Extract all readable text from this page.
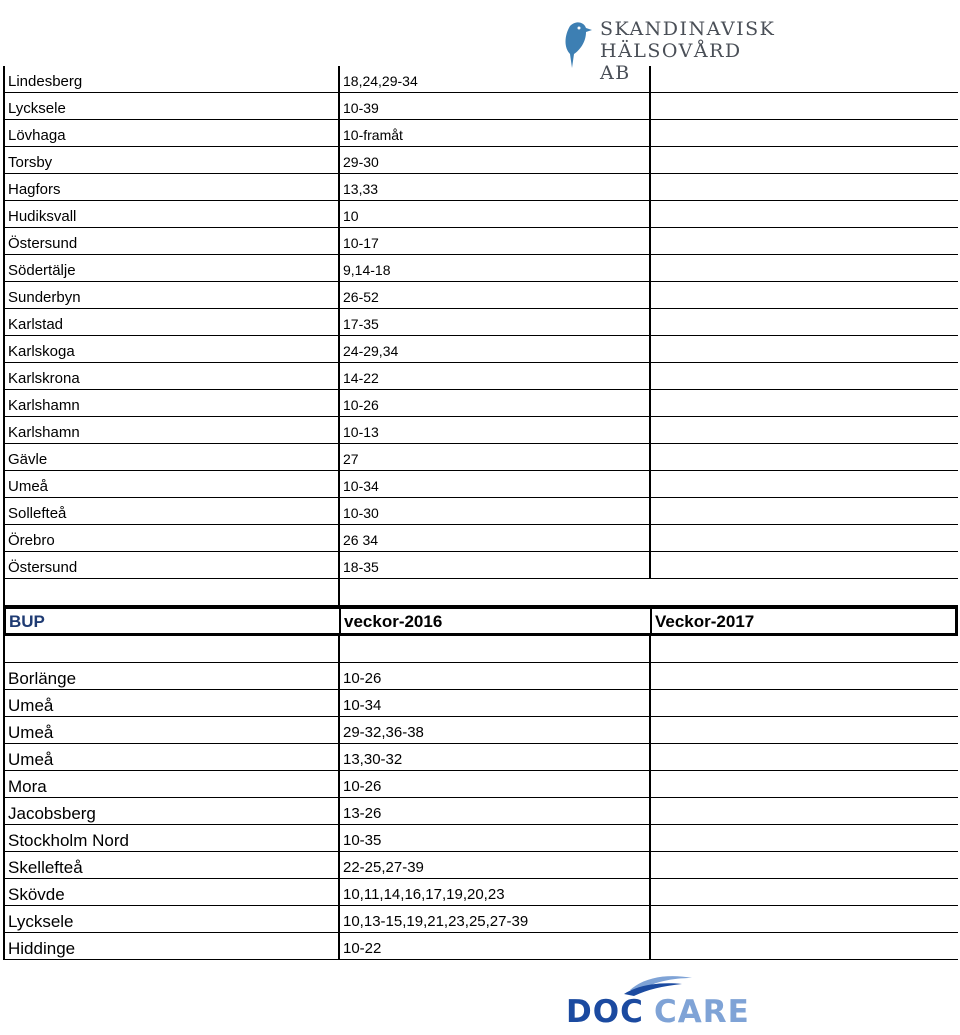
SKANDINAVISK
HÄLSOVÅRD AB
Lindesberg	18,24,29-34
Lycksele	10-39
Lövhaga	10-framåt
Torsby	29-30
Hagfors	13,33
Hudiksvall	10
Östersund	10-17
Södertälje	9,14-18
Sunderbyn	26-52
Karlstad	17-35
Karlskoga	24-29,34
Karlskrona	14-22
Karlshamn	10-26
Karlshamn	10-13
Gävle	27
Umeå	10-34
Sollefteå	10-30
Örebro	26 34
Östersund	18-35
BUP	veckor-2016	Veckor-2017
Borlänge	10-26
Umeå	10-34
Umeå	29-32,36-38
Umeå	13,30-32
Mora	10-26
Jacobsberg	13-26
Stockholm Nord	10-35
Skellefteå	22-25,27-39
Skövde	10,11,14,16,17,19,20,23
Lycksele	10,13-15,19,21,23,25,27-39
Hiddinge	10-22
DOC CARE
